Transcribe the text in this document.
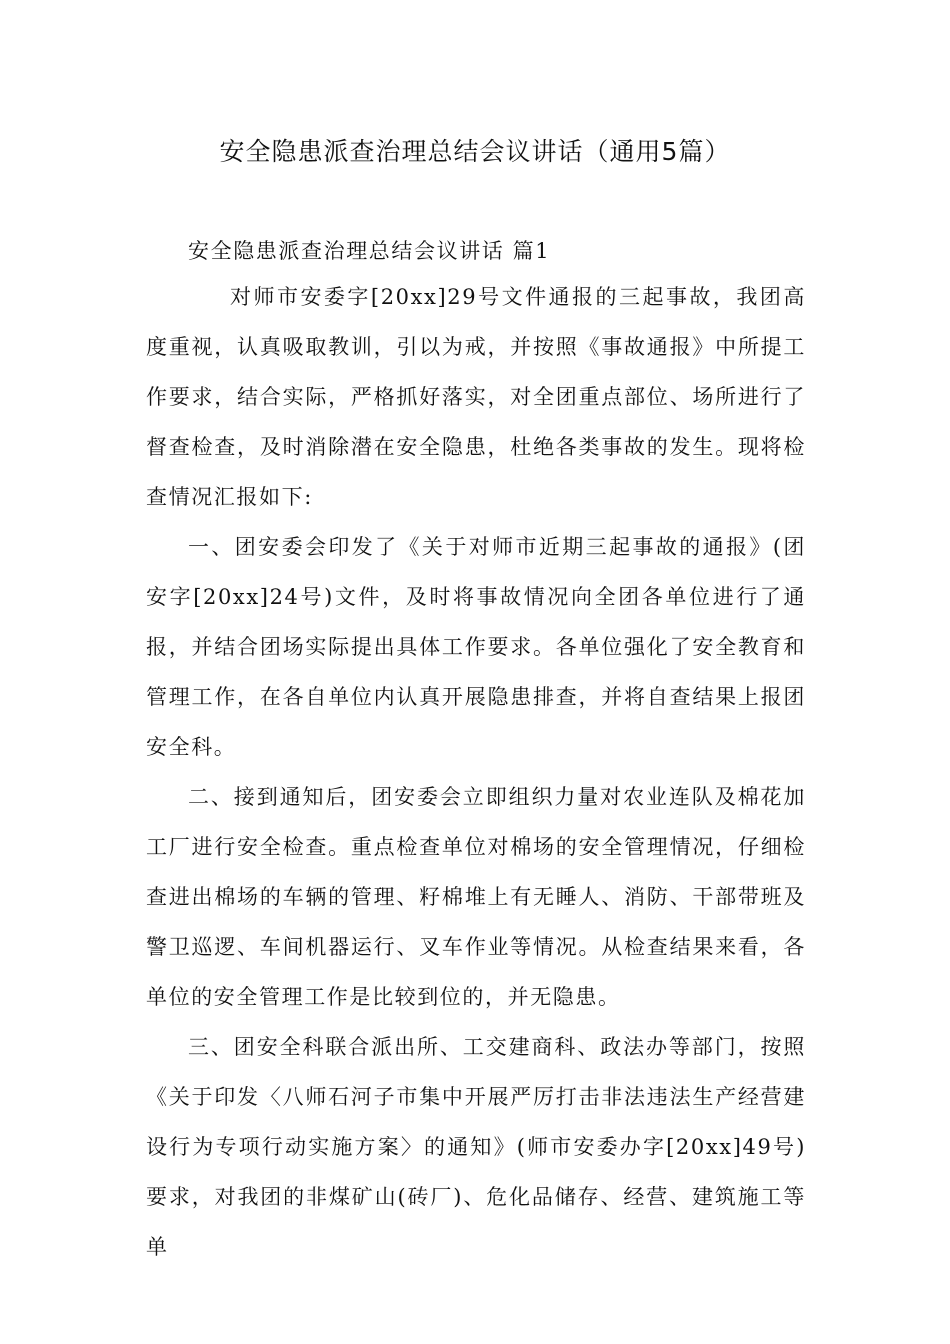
安全隐患派查治理总结会议讲话（通用5篇）
安全隐患派查治理总结会议讲话 篇1

对师市安委字[20xx]29号文件通报的三起事故，我团高度重视，认真吸取教训，引以为戒，并按照《事故通报》中所提工作要求，结合实际，严格抓好落实，对全团重点部位、场所进行了督查检查，及时消除潜在安全隐患，杜绝各类事故的发生。现将检查情况汇报如下:

一、团安委会印发了《关于对师市近期三起事故的通报》(团安字[20xx]24号)文件，及时将事故情况向全团各单位进行了通报，并结合团场实际提出具体工作要求。各单位强化了安全教育和管理工作，在各自单位内认真开展隐患排查，并将自查结果上报团安全科。

二、接到通知后，团安委会立即组织力量对农业连队及棉花加工厂进行安全检查。重点检查单位对棉场的安全管理情况，仔细检查进出棉场的车辆的管理、籽棉堆上有无睡人、消防、干部带班及警卫巡逻、车间机器运行、叉车作业等情况。从检查结果来看，各单位的安全管理工作是比较到位的，并无隐患。

三、团安全科联合派出所、工交建商科、政法办等部门，按照《关于印发〈八师石河子市集中开展严厉打击非法违法生产经营建设行为专项行动实施方案〉的通知》(师市安委办字[20xx]49号)要求，对我团的非煤矿山(砖厂)、危化品储存、经营、建筑施工等单
